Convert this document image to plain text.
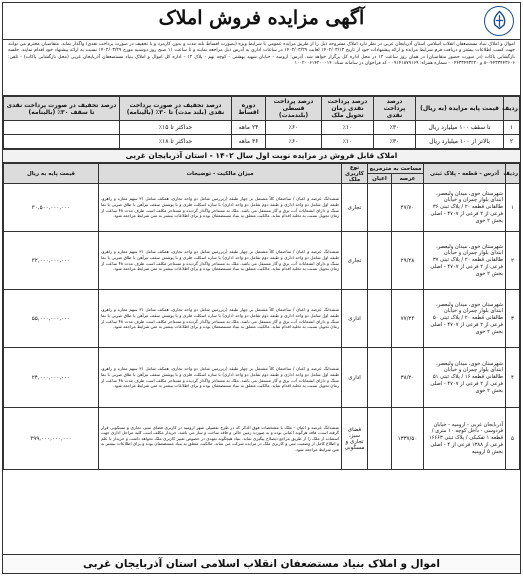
آگهی مزایده فروش املاک
اموال و املاک بنیاد مستضعفان انقلاب اسلامی استان آذربایجان غربی در نظر دارد املاک مشروحه ذیل را از طریق مزایده عمومی با شرایط ویژه (بصورت اقساط بلند مدت و بدون کارمزد و با تخفیف در صورت پرداخت نقدی) واگذار نماید. متقاضیان محترم می توانند جهت کسب اطلاعات بیشتر و دریافت فرم شرایط مزایده و ارائه پیشنهادات خود از تاریخ ۱۴۰۲/۰۳/۱۳ لغایت ۱۴۰۲/۰۳/۲۹ در ساعات اداری به آدرس ذیل مراجعه نمایند و تا ساعت ۱۱ صبح روز دوشنبه مورخ ۱۴۰۲/۰۳/۲۹ نسبت به ارائه پیشنهاد خود اقدام نمایند. جلسه بازگشایی پاکات (در صورت حضور متقاضیان) در همان روز ساعت ۱۲ در محل اداره کل برگزار خواهد شد. آدرس: ارومیه - خیابان شهید بهشتی - کوچه نهم - پلاک ۱۲ - اداره کل اموال و املاک بنیاد مستضعفان آذربایجان غربی (محل بازگشایی پاکات) - تلفن: ۰۴۴۳۳۴۴۳۶۰۶-۸ و ۰۴۴۳۳۴۴۳۲۲۰ - شماره همراه: ۰۹۱۴۱۸۷۹۱۶۹ - کد فراخوان در سامانه ستاد: ۱۰۰۲۰۰۶۱۴۲۰۰۰۱۴
ردیف	قیمت پایه مزایده (به ریال)	درصد پرداخت نقدی	درصد پرداخت نقدی زمان تحویل ملک	درصد پرداخت قسطی (بلندمدت)	دوره اقساط	درصد تخفیف در صورت پرداخت نقدی (بلند مدت) تا ۳۰٪ (بالینامه)	درصد تخفیف در صورت پرداخت نقدی تا سقف ۳۰٪ (بالینامه)
۱	تا سقف ۱۰۰ میلیارد ریال	٪۳۰	٪۱۰	٪۶۰	۲۴ ماهه	حداکثر تا ۱۵٪	
۲	بالاتر از ۱۰۰ میلیارد ریال	٪۳۰	٪۱۰	٪۶۰	۳۶ ماهه	حداکثر تا ۱۸٪	
املاک قابل فروش در مزایده نوبت اول سال ۱۴۰۲ - استان آذربایجان غربی
ردیف	آدرس - قطعه - پلاک ثبتی	مساحت به مترمربع		نوع کاربری ملک	میزان مالکیت - توضیحات	قیمت پایه به ریال
		عرصه	اعیان			
۱	شهرستان خوی، میدان ولیعصر، ابتدای بلوار چمران و خیابان طالقانی قطعه ۲۰ / پلاک ثبتی ۳۶ فرعی از ۲ فرعی از ۴۷۰۷ - اصلی بخش ۲ خوی	۴۷/۷۰		تجاری	ششدانگ عرصه و اعیان / ساختمان کلاً مشتمل بر چهار طبقه (زیرزمین شامل دو واحد تجاری، همکف شامل ۳۱ سهم مغازه و راهرو، طبقه اول شامل دو واحد اداری و طبقه دوم شامل دو واحد اداری) با سازه اسکلت فلزی و با پوشش سقف تیرآهن با طاق ضربی با نما سنگ و دارای انشعابات آب، برق و گاز مستقل می باشد. ملک به مستاجر واگذار گردیده و مستاجر مکلف است ظرف مدت ۴۸ ساعت از زمان تحویل نسبت به تخلیه اقدام نماید. مالکیت متعلق به بنیاد مستضعفان بوده و برای اطلاعات بیشتر به متن شرایط مراجعه شود.	۳۰,۵۰۰,۰۰۰,۰۰۰
۲	شهرستان خوی، میدان ولیعصر، ابتدای بلوار چمران و خیابان طالقانی قطعه ۲۰ / پلاک ثبتی ۳۷ فرعی از ۲ فرعی از ۴۷۰۷ - اصلی بخش ۲ خوی	۲۹/۲۸		تجاری	ششدانگ عرصه و اعیان / ساختمان کلاً مشتمل بر چهار طبقه (زیرزمین شامل دو واحد تجاری، همکف شامل ۳۱ سهم مغازه و راهرو، طبقه اول شامل دو واحد اداری و طبقه دوم شامل دو واحد اداری) با سازه اسکلت فلزی و با پوشش سقف تیرآهن با طاق ضربی با نما سنگ و دارای انشعابات آب، برق و گاز مستقل می باشد. ملک به مستاجر واگذار گردیده و مستاجر مکلف است ظرف مدت ۴۸ ساعت از زمان تحویل نسبت به تخلیه اقدام نماید. مالکیت متعلق به بنیاد مستضعفان بوده و برای اطلاعات بیشتر به متن شرایط مراجعه شود.	۳۲,۰۰۰,۰۰۰,۰۰۰
۳	شهرستان خوی، میدان ولیعصر، ابتدای بلوار چمران و خیابان طالقانی قطعه ۲۰ / پلاک ثبتی ۵۰ فرعی از ۲ فرعی از ۴۷۰۷ - اصلی بخش ۲ خوی	۷۷/۲۴		اداری	ششدانگ عرصه و اعیان / ساختمان کلاً مشتمل بر چهار طبقه (زیرزمین شامل دو واحد تجاری، همکف شامل ۳۱ سهم مغازه و راهرو، طبقه اول شامل دو واحد اداری و طبقه دوم شامل دو واحد اداری) با سازه اسکلت فلزی و با پوشش سقف تیرآهن با طاق ضربی با نما سنگ و دارای انشعابات آب، برق و گاز مستقل می باشد. ملک به مستاجر واگذار گردیده و مستاجر مکلف است ظرف مدت ۴۸ ساعت از زمان تحویل نسبت به تخلیه اقدام نماید. مالکیت متعلق به بنیاد مستضعفان بوده و برای اطلاعات بیشتر به متن شرایط مراجعه شود.	۵۵,۰۰۰,۰۰۰,۰۰۰
۴	شهرستان خوی، میدان ولیعصر، ابتدای بلوار چمران و خیابان طالقانی قطعه ۱۶ / پلاک ثبتی ۵۱ فرعی از ۲ فرعی از ۴۷۰۷ - اصلی بخش ۲ خوی	۳۸/۲۰		اداری	ششدانگ عرصه و اعیان / ساختمان کلاً مشتمل بر چهار طبقه (زیرزمین شامل دو واحد تجاری، همکف شامل ۳۱ سهم مغازه و راهرو، طبقه اول شامل دو واحد اداری و طبقه دوم شامل دو واحد اداری) با سازه اسکلت فلزی و با پوشش سقف تیرآهن با طاق ضربی با نما سنگ و دارای انشعابات آب، برق و گاز مستقل می باشد. ملک به مستاجر واگذار گردیده و مستاجر مکلف است ظرف مدت ۴۸ ساعت از زمان تحویل نسبت به تخلیه اقدام نماید. مالکیت متعلق به بنیاد مستضعفان بوده و برای اطلاعات بیشتر به متن شرایط مراجعه شود.	۲۴,۰۰۰,۰۰۰,۰۰۰
۵	آذربایجان غربی - ارومیه - خیابان فردوسی - داخل کوچه ۱۰ متری / قطعه ۱ تفکیکی / پلاک ثبتی ۱۶۶۶۳ فرعی از ۱۳۸۸ فرعی از ۴ - اصلی بخش ۵ ارومیه	۱۳۳۷/۵۰		فضای سبز، تجاری و مسکونی	ششدانگ عرصه و اعیان - ملک با مشخصات فوق الذکر که در طرح تفصیلی شهر ارومیه در کاربری فضای سبز، تجاری و مسکونی قرار گرفته است، فاقد هرگونه اعیانی بوده و به صورت زمین خالی و فاقد ساخت و ساز می باشد. خریدار مکلف است کلیه مراحل اداری جهت استفاده از ملک را از طریق مراجع ذیصلاح پیگیری نماید. بنیاد هیچگونه تعهدی در خصوص تغییر کاربری ملک نخواهد داشت و خریدار با علم و اطلاع کامل از وضعیت ثبتی و کاربری ملک در مزایده شرکت می نماید. مالکیت متعلق به بنیاد مستضعفان بوده و برای اطلاعات بیشتر به متن شرایط مراجعه شود.	۳۹۹,۰۰۰,۰۰۰,۰۰۰
اموال و املاک بنیاد مستضعفان انقلاب اسلامی استان آذربایجان غربی
